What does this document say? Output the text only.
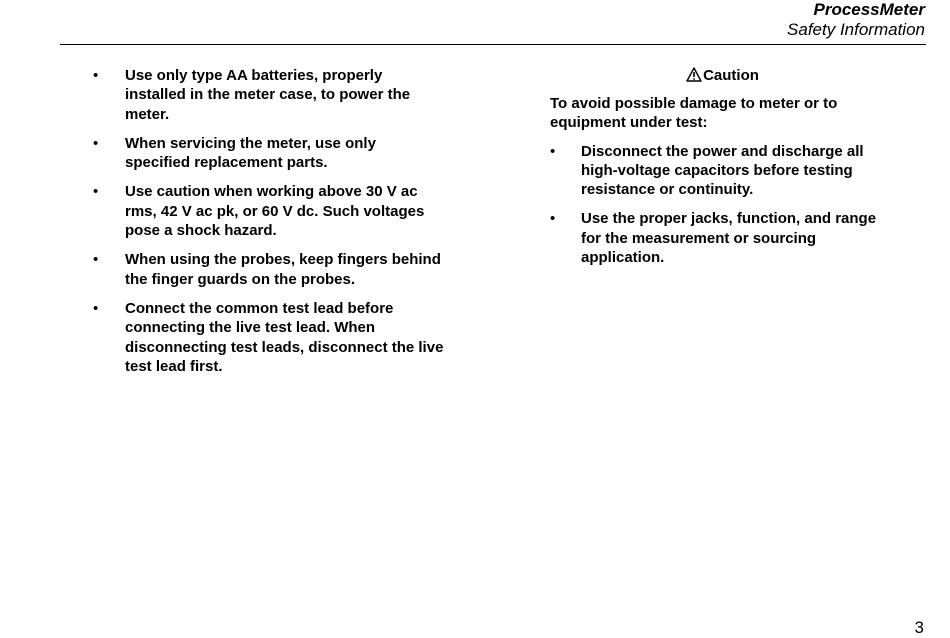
ProcessMeter
Safety Information
• Use only type AA batteries, properly installed in the meter case, to power the meter.
• When servicing the meter, use only specified replacement parts.
• Use caution when working above 30 V ac rms, 42 V ac pk, or 60 V dc. Such voltages pose a shock hazard.
• When using the probes, keep fingers behind the finger guards on the probes.
• Connect the common test lead before connecting the live test lead. When disconnecting test leads, disconnect the live test lead first.
Caution
To avoid possible damage to meter or to equipment under test:
• Disconnect the power and discharge all high-voltage capacitors before testing resistance or continuity.
• Use the proper jacks, function, and range for the measurement or sourcing application.
3
